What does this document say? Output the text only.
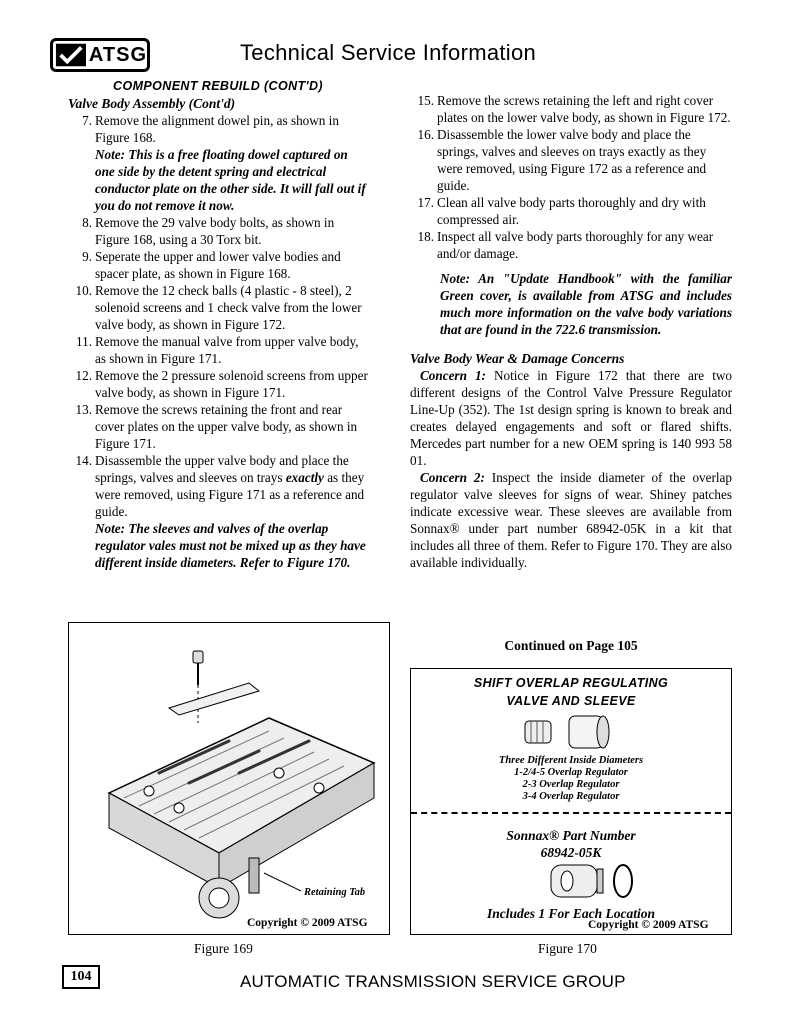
ATSG	Technical Service Information
COMPONENT REBUILD (CONT'D)
Valve Body Assembly (Cont'd)
7. Remove the alignment dowel pin, as shown in Figure 168.
Note: This is a free floating dowel captured on one side by the detent spring and electrical conductor plate on the other side. It will fall out if you do not remove it now.
8. Remove the 29 valve body bolts, as shown in Figure 168, using a 30 Torx bit.
9. Seperate the upper and lower valve bodies and spacer plate, as shown in Figure 168.
10. Remove the 12 check balls (4 plastic - 8 steel), 2 solenoid screens and 1 check valve from the lower valve body, as shown in Figure 172.
11. Remove the manual valve from upper valve body, as shown in Figure 171.
12. Remove the 2 pressure solenoid screens from upper valve body, as shown in Figure 171.
13. Remove the screws retaining the front and rear cover plates on the upper valve body, as shown in Figure 171.
14. Disassemble the upper valve body and place the springs, valves and sleeves on trays exactly as they were removed, using Figure 171 as a reference and guide.
Note: The sleeves and valves of the overlap regulator vales must not be mixed up as they have different inside diameters. Refer to Figure 170.
15. Remove the screws retaining the left and right cover plates on the lower valve body, as shown in Figure 172.
16. Disassemble the lower valve body and place the springs, valves and sleeves on trays exactly as they were removed, using Figure 172 as a reference and guide.
17. Clean all valve body parts thoroughly and dry with compressed air.
18. Inspect all valve body parts thoroughly for any wear and/or damage.
Note: An "Update Handbook" with the familiar Green cover, is available from ATSG and includes much more information on the valve body variations that are found in the 722.6 transmission.
Valve Body Wear & Damage Concerns
Concern 1: Notice in Figure 172 that there are two different designs of the Control Valve Pressure Regulator Line-Up (352). The 1st design spring is known to break and creates delayed engagements and soft or flared shifts. Mercedes part number for a new OEM spring is 140 993 58 01.
Concern 2: Inspect the inside diameter of the overlap regulator valve sleeves for signs of wear. Shiney patches indicate excessive wear. These sleeves are available from Sonnax® under part number 68942-05K in a kit that includes all three of them. Refer to Figure 170. They are also available individually.
Continued on Page 105
Retaining Tab
Copyright © 2009 ATSG
Figure 169
SHIFT OVERLAP REGULATING
VALVE AND SLEEVE
Three Different Inside Diameters
1-2/4-5 Overlap Regulator
2-3 Overlap Regulator
3-4 Overlap Regulator
Sonnax® Part Number
68942-05K
Includes 1 For Each Location
Copyright © 2009 ATSG
Figure 170
104	AUTOMATIC TRANSMISSION SERVICE GROUP
